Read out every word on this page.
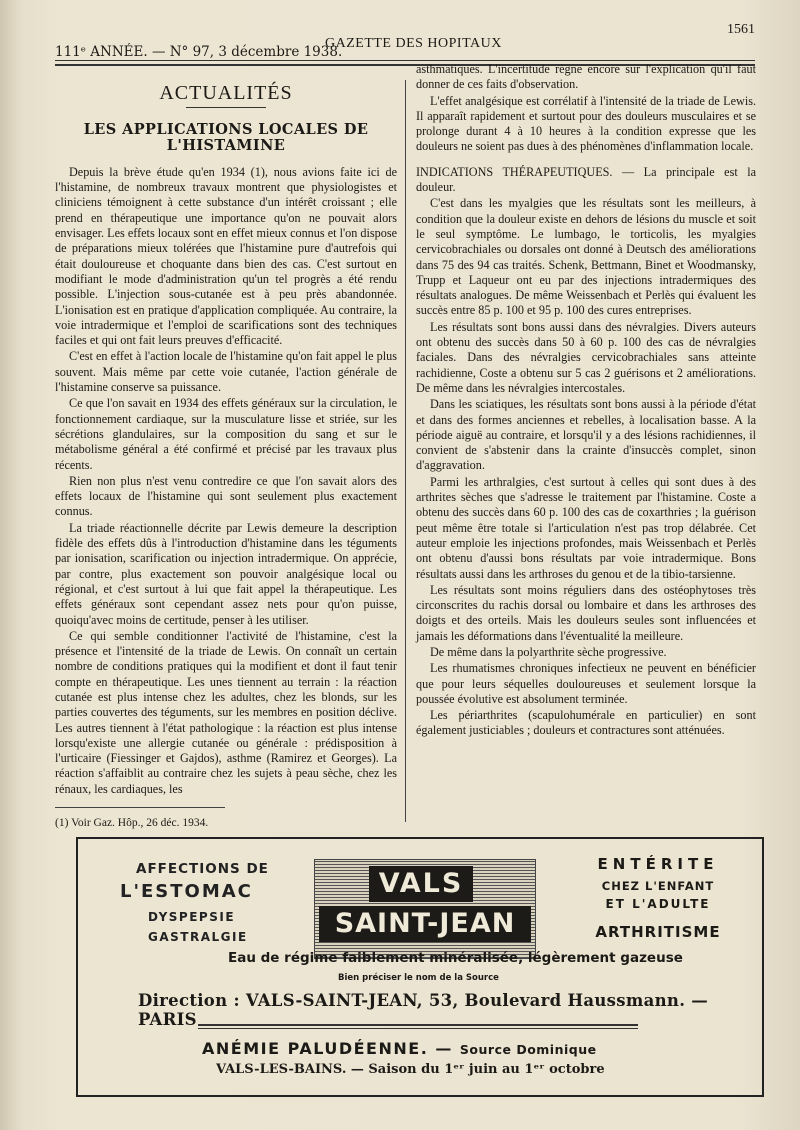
111ᵉ ANNÉE. — N° 97, 3 décembre 1938.
GAZETTE DES HOPITAUX
1561
ACTUALITÉS
LES APPLICATIONS LOCALES DE L'HISTAMINE

Depuis la brève étude qu'en 1934 (1), nous avions faite ici de l'histamine, de nombreux travaux montrent que physiologistes et cliniciens témoignent à cette substance d'un intérêt croissant ; elle prend en thérapeutique une importance qu'on ne pouvait alors envisager. Les effets locaux sont en effet mieux connus et l'on dispose de préparations mieux tolérées que l'histamine pure d'autrefois qui était douloureuse et choquante dans bien des cas. C'est surtout en modifiant le mode d'administration qu'un tel progrès a été rendu possible. L'injection sous-cutanée est à peu près abandonnée. L'ionisation est en pratique d'application compliquée. Au contraire, la voie intradermique et l'emploi de scarifications sont des techniques faciles et qui ont fait leurs preuves d'efficacité.

C'est en effet à l'action locale de l'histamine qu'on fait appel le plus souvent. Mais même par cette voie cutanée, l'action générale de l'histamine conserve sa puissance.

Ce que l'on savait en 1934 des effets généraux sur la circulation, le fonctionnement cardiaque, sur la musculature lisse et striée, sur les sécrétions glandulaires, sur la composition du sang et sur le métabolisme général a été confirmé et précisé par les travaux plus récents.

Rien non plus n'est venu contredire ce que l'on savait alors des effets locaux de l'histamine qui sont seulement plus exactement connus.

La triade réactionnelle décrite par Lewis demeure la description fidèle des effets dûs à l'introduction d'histamine dans les téguments par ionisation, scarification ou injection intradermique. On apprécie, par contre, plus exactement son pouvoir analgésique local ou régional, et c'est surtout à lui que fait appel la thérapeutique. Les effets généraux sont cependant assez nets pour qu'on puisse, quoiqu'avec moins de certitude, penser à les utiliser.

Ce qui semble conditionner l'activité de l'histamine, c'est la présence et l'intensité de la triade de Lewis. On connaît un certain nombre de conditions pratiques qui la modifient et dont il faut tenir compte en thérapeutique. Les unes tiennent au terrain : la réaction cutanée est plus intense chez les adultes, chez les blonds, sur les parties couvertes des téguments, sur les membres en position déclive. Les autres tiennent à l'état pathologique : la réaction est plus intense lorsqu'existe une allergie cutanée ou générale : prédisposition à l'urticaire (Fiessinger et Gajdos), asthme (Ramirez et Georges). La réaction s'affaiblit au contraire chez les sujets à peau sèche, chez les rénaux, les cardiaques, les

(1) Voir Gaz. Hôp., 26 déc. 1934.

asthmatiques. L'incertitude règne encore sur l'explication qu'il faut donner de ces faits d'observation.

L'effet analgésique est corrélatif à l'intensité de la triade de Lewis. Il apparaît rapidement et surtout pour des douleurs musculaires et se prolonge durant 4 à 10 heures à la condition expresse que les douleurs ne soient pas dues à des phénomènes d'inflammation locale.

INDICATIONS THÉRAPEUTIQUES. — La principale est la douleur.

C'est dans les myalgies que les résultats sont les meilleurs, à condition que la douleur existe en dehors de lésions du muscle et soit le seul symptôme. Le lumbago, le torticolis, les myalgies cervicobrachiales ou dorsales ont donné à Deutsch des améliorations dans 75 des 94 cas traités. Schenk, Bettmann, Binet et Woodmansky, Trupp et Laqueur ont eu par des injections intradermiques des résultats analogues. De même Weissenbach et Perlès qui évaluent les succès entre 85 p. 100 et 95 p. 100 des cures entreprises.

Les résultats sont bons aussi dans des névralgies. Divers auteurs ont obtenu des succès dans 50 à 60 p. 100 des cas de névralgies faciales. Dans des névralgies cervicobrachiales sans atteinte rachidienne, Coste a obtenu sur 5 cas 2 guérisons et 2 améliorations. De même dans les névralgies intercostales.

Dans les sciatiques, les résultats sont bons aussi à la période d'état et dans des formes anciennes et rebelles, à localisation basse. A la période aiguë au contraire, et lorsqu'il y a des lésions rachidiennes, il convient de s'abstenir dans la crainte d'insuccès complet, sinon d'aggravation.

Parmi les arthralgies, c'est surtout à celles qui sont dues à des arthrites sèches que s'adresse le traitement par l'histamine. Coste a obtenu des succès dans 60 p. 100 des cas de coxarthries ; la guérison peut même être totale si l'articulation n'est pas trop délabrée. Cet auteur emploie les injections profondes, mais Weissenbach et Perlès ont obtenu d'aussi bons résultats par voie intradermique. Bons résultats aussi dans les arthroses du genou et de la tibio-tarsienne.

Les résultats sont moins réguliers dans des ostéophytoses très circonscrites du rachis dorsal ou lombaire et dans les arthroses des doigts et des orteils. Mais les douleurs seules sont influencées et jamais les déformations dans l'éventualité la meilleure.

De même dans la polyarthrite sèche progressive.

Les rhumatismes chroniques infectieux ne peuvent en bénéficier que pour leurs séquelles douloureuses et seulement lorsque la poussée évolutive est absolument terminée.

Les périarthrites (scapulohumérale en particulier) en sont également justiciables ; douleurs et contractures sont atténuées.

AFFECTIONS DE
L'ESTOMAC
DYSPEPSIE
GASTRALGIE
VALS
SAINT-JEAN
ENTÉRITE
CHEZ L'ENFANT
ET L'ADULTE
ARTHRITISME
Eau de régime faiblement minéralisée, légèrement gazeuse
Bien préciser le nom de la Source
Direction : VALS-SAINT-JEAN, 53, Boulevard Haussmann. — PARIS
ANÉMIE PALUDÉENNE. — Source Dominique
VALS-LES-BAINS. — Saison du 1ᵉʳ juin au 1ᵉʳ octobre
